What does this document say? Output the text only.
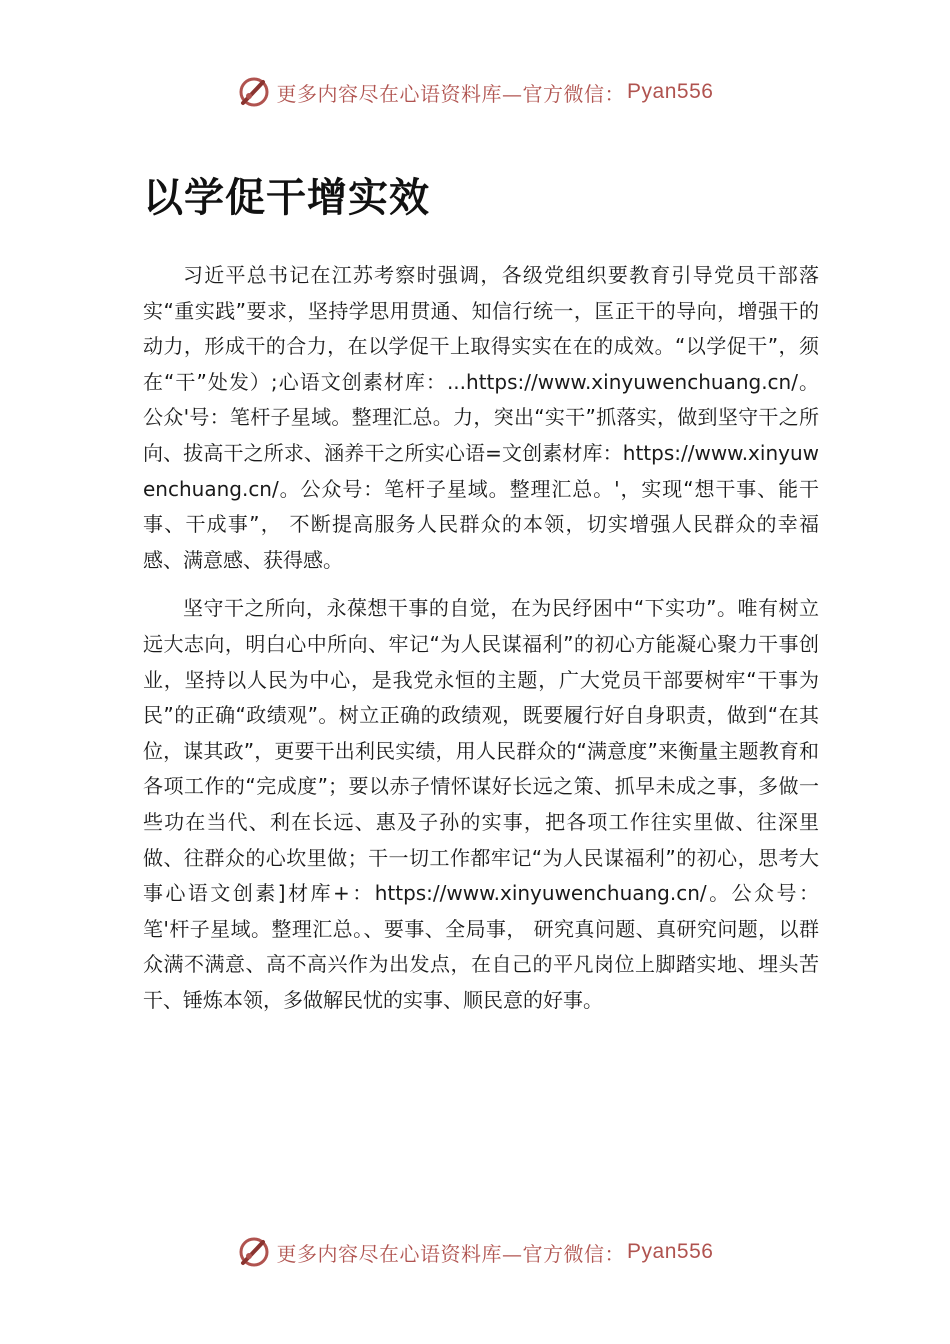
更多内容尽在心语资料库—官方微信： Pyan556
以学促干增实效

习近平总书记在江苏考察时强调，各级党组织要教育引导党员干部落实“重实践”要求，坚持学思用贯通、知信行统一，匡正干的导向，增强干的动力，形成干的合力，在以学促干上取得实实在在的成效。“以学促干”，须在“干”处发）;心语文创素材库：...https://www.xinyuwenchuang.cn/。公众'号：笔杆子星域。整理汇总。力，突出“实干”抓落实，做到坚守干之所向、拔高干之所求、涵养干之所实心语=文创素材库：https://www.xinyuwenchuang.cn/。公众号：笔杆子星域。整理汇总。'，实现“想干事、能干事、干成事”， 不断提高服务人民群众的本领，切实增强人民群众的幸福感、满意感、获得感。

坚守干之所向，永葆想干事的自觉，在为民纾困中“下实功”。唯有树立远大志向，明白心中所向、牢记“为人民谋福利”的初心方能凝心聚力干事创业，坚持以人民为中心，是我党永恒的主题，广大党员干部要树牢“干事为民”的正确“政绩观”。树立正确的政绩观，既要履行好自身职责，做到“在其位，谋其政”，更要干出利民实绩，用人民群众的“满意度”来衡量主题教育和各项工作的“完成度”；要以赤子情怀谋好长远之策、抓早未成之事，多做一些功在当代、利在长远、惠及子孙的实事，把各项工作往实里做、往深里做、往群众的心坎里做；干一切工作都牢记“为人民谋福利”的初心，思考大事心语文创素]材库+：https://www.xinyuwenchuang.cn/。公众号：笔'杆子星域。整理汇总。、要事、全局事， 研究真问题、真研究问题，以群众满不满意、高不高兴作为出发点，在自己的平凡岗位上脚踏实地、埋头苦干、锤炼本领，多做解民忧的实事、顺民意的好事。

更多内容尽在心语资料库—官方微信： Pyan556
